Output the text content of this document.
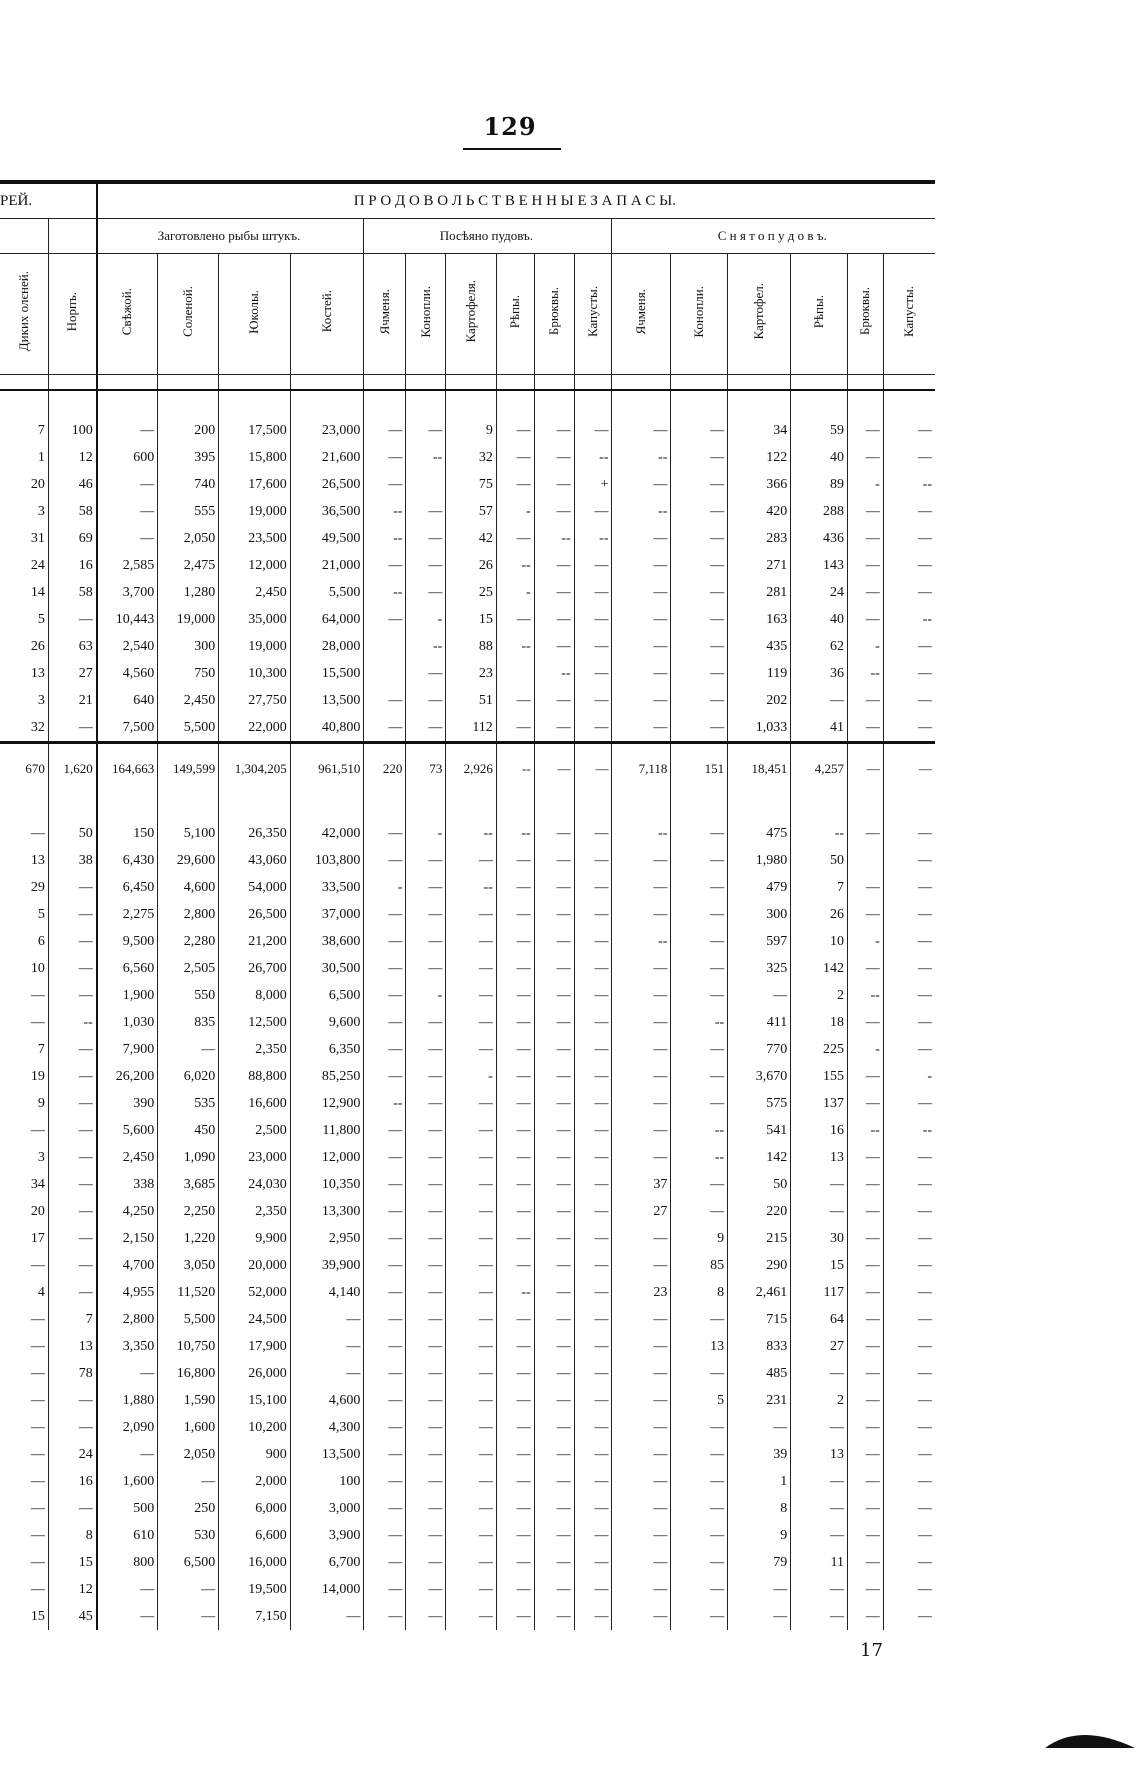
129
РЕЙ.		П Р О Д О В О Л Ь С Т В Е Н Н Ы Е З А П А С Ы.															
		Заготовлено рыбы штукъ.				Посѣяно пудовъ.						С н я т о п у д о в ъ.					
Диких олєней.	Норпъ.	Свѣжой.	Соленой.	Юколы.	Костей.	Ячменя.	Конопли.	Картофеля.	Рѣпы.	Брюквы.	Капусты.	Ячменя.	Конопли.	Картофел.	Рѣпы.	Брюквы.	Капусты.

7	100	—	200	17,500	23,000	—	—	9	—	—	—	—	—	34	59	—	—
1	12	600	395	15,800	21,600	—	--	32	—	—	--	--	—	122	40	—	—
20	46	—	740	17,600	26,500	—		75	—	—	+	—	—	366	89	-	--
3	58	—	555	19,000	36,500	--	—	57	-	—	—	--	—	420	288	—	—
31	69	—	2,050	23,500	49,500	--	—	42	—	--	--	—	—	283	436	—	—
24	16	2,585	2,475	12,000	21,000	—	—	26	--	—	—	—	—	271	143	—	—
14	58	3,700	1,280	2,450	5,500	--	—	25	-	—	—	—	—	281	24	—	—
5	—	10,443	19,000	35,000	64,000	—	-	15	—	—	—	—	—	163	40	—	--
26	63	2,540	300	19,000	28,000		--	88	--	—	—	—	—	435	62	-	—
13	27	4,560	750	10,300	15,500		—	23		--	—	—	—	119	36	--	—
3	21	640	2,450	27,750	13,500	—	—	51	—	—	—	—	—	202	—	—	—
32	—	7,500	5,500	22,000	40,800	—	—	112	—	—	—	—	—	1,033	41	—	—
670	1,620	164,663	149,599	1,304,205	961,510	220	73	2,926	--	—	—	7,118	151	18,451	4,257	—	—

—	50	150	5,100	26,350	42,000	—	-	--	--	—	—	--	—	475	--	—	—
13	38	6,430	29,600	43,060	103,800	—	—	—	—	—	—	—	—	1,980	50		—
29	—	6,450	4,600	54,000	33,500	-	—	--	—	—	—	—	—	479	7	—	—
5	—	2,275	2,800	26,500	37,000	—	—	—	—	—	—	—	—	300	26	—	—
6	—	9,500	2,280	21,200	38,600	—	—	—	—	—	—	--	—	597	10	-	—
10	—	6,560	2,505	26,700	30,500	—	—	—	—	—	—	—	—	325	142	—	—
—	—	1,900	550	8,000	6,500	—	-	—	—	—	—	—	—	—	2	--	—
—	--	1,030	835	12,500	9,600	—	—	—	—	—	—	—	--	411	18	—	—
7	—	7,900	—	2,350	6,350	—	—	—	—	—	—	—	—	770	225	-	—
19	—	26,200	6,020	88,800	85,250	—	—	-	—	—	—	—	—	3,670	155	—	-
9	—	390	535	16,600	12,900	--	—	—	—	—	—	—	—	575	137	—	—
—	—	5,600	450	2,500	11,800	—	—	—	—	—	—	—	--	541	16	--	--
3	—	2,450	1,090	23,000	12,000	—	—	—	—	—	—	—	--	142	13	—	—
34	—	338	3,685	24,030	10,350	—	—	—	—	—	—	37	—	50	—	—	—
20	—	4,250	2,250	2,350	13,300	—	—	—	—	—	—	27	—	220	—	—	—
17	—	2,150	1,220	9,900	2,950	—	—	—	—	—	—	—	9	215	30	—	—
—	—	4,700	3,050	20,000	39,900	—	—	—	—	—	—	—	85	290	15	—	—
4	—	4,955	11,520	52,000	4,140	—	—	—	--	—	—	23	8	2,461	117	—	—
—	7	2,800	5,500	24,500	—	—	—	—	—	—	—	—	—	715	64	—	—
—	13	3,350	10,750	17,900	—	—	—	—	—	—	—	—	13	833	27	—	—
—	78	—	16,800	26,000	—	—	—	—	—	—	—	—	—	485	—	—	—
—	—	1,880	1,590	15,100	4,600	—	—	—	—	—	—	—	5	231	2	—	—
—	—	2,090	1,600	10,200	4,300	—	—	—	—	—	—	—	—	—	—	—	—
—	24	—	2,050	900	13,500	—	—	—	—	—	—	—	—	39	13	—	—
—	16	1,600	—	2,000	100	—	—	—	—	—	—	—	—	1	—	—	—
—	—	500	250	6,000	3,000	—	—	—	—	—	—	—	—	8	—	—	—
—	8	610	530	6,600	3,900	—	—	—	—	—	—	—	—	9	—	—	—
—	15	800	6,500	16,000	6,700	—	—	—	—	—	—	—	—	79	11	—	—
—	12	—	—	19,500	14,000	—	—	—	—	—	—	—	—	—	—	—	—
15	45	—	—	7,150	—	—	—	—	—	—	—	—	—	—	—	—	—
17
